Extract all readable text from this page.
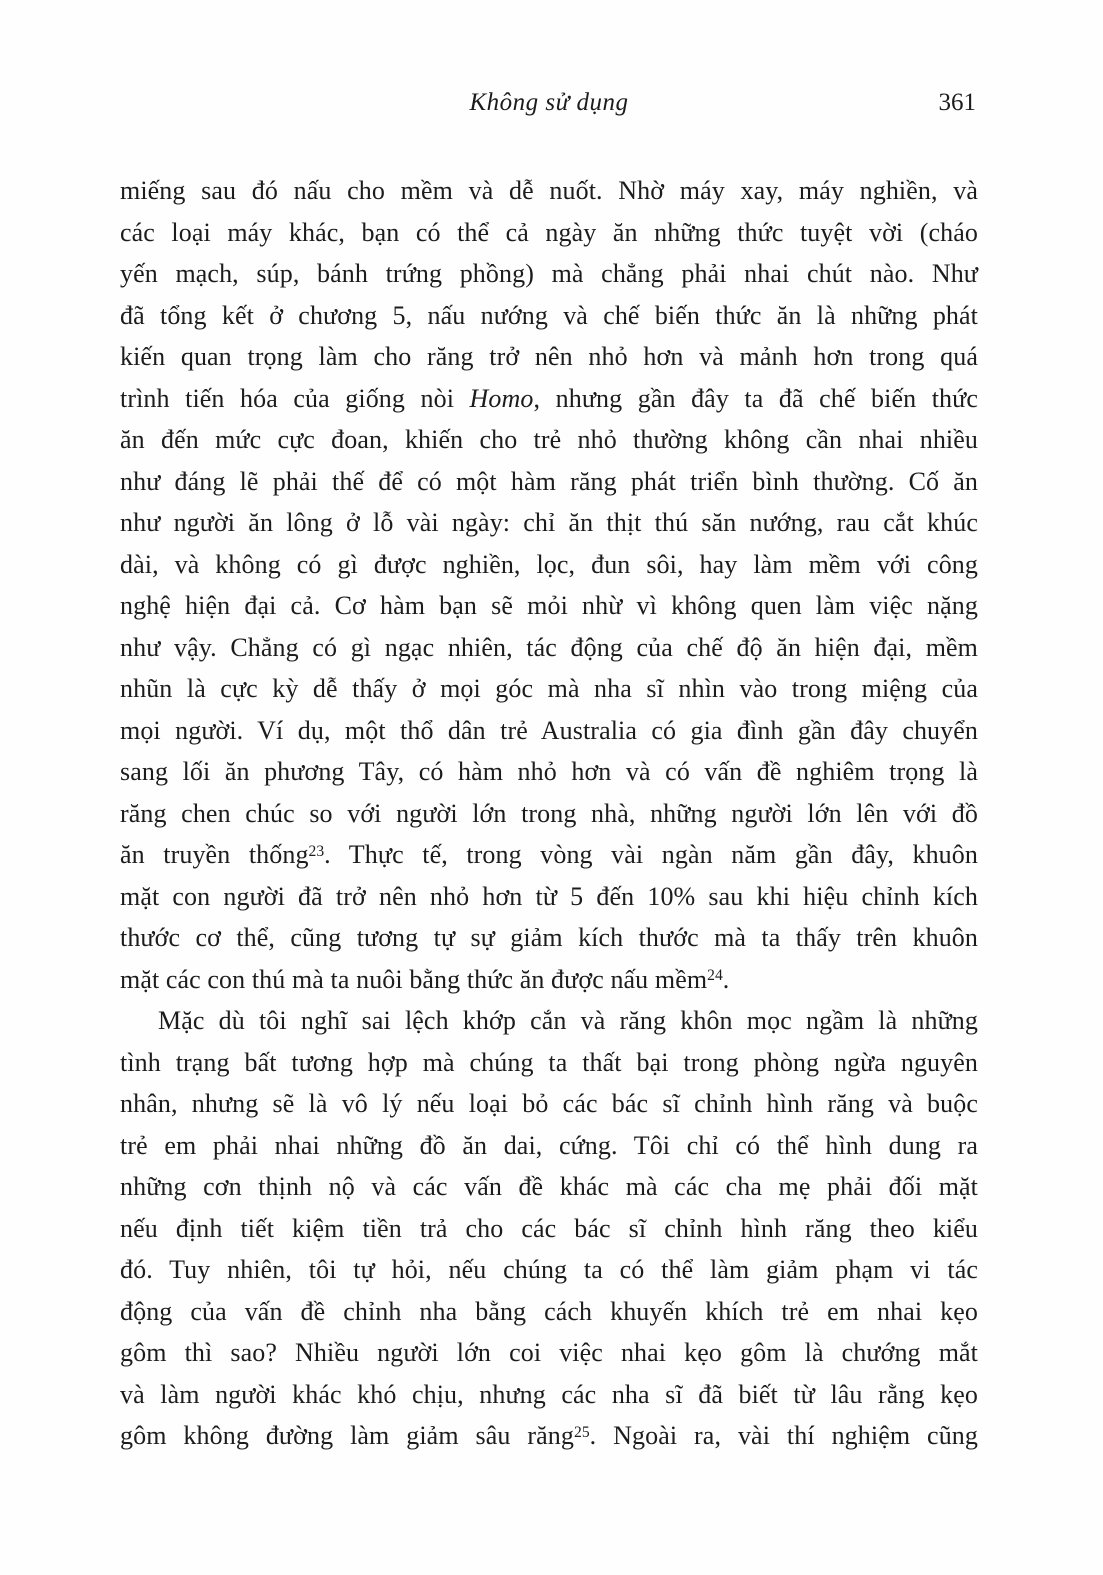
Không sử dụng	361
miếng sau đó nấu cho mềm và dễ nuốt. Nhờ máy xay, máy nghiền, và
các loại máy khác, bạn có thể cả ngày ăn những thức tuyệt vời (cháo
yến mạch, súp, bánh trứng phồng) mà chẳng phải nhai chút nào. Như
đã tổng kết ở chương 5, nấu nướng và chế biến thức ăn là những phát
kiến quan trọng làm cho răng trở nên nhỏ hơn và mảnh hơn trong quá
trình tiến hóa của giống nòi Homo, nhưng gần đây ta đã chế biến thức
ăn đến mức cực đoan, khiến cho trẻ nhỏ thường không cần nhai nhiều
như đáng lẽ phải thế để có một hàm răng phát triển bình thường. Cố ăn
như người ăn lông ở lỗ vài ngày: chỉ ăn thịt thú săn nướng, rau cắt khúc
dài, và không có gì được nghiền, lọc, đun sôi, hay làm mềm với công
nghệ hiện đại cả. Cơ hàm bạn sẽ mỏi nhừ vì không quen làm việc nặng
như vậy. Chẳng có gì ngạc nhiên, tác động của chế độ ăn hiện đại, mềm
nhũn là cực kỳ dễ thấy ở mọi góc mà nha sĩ nhìn vào trong miệng của
mọi người. Ví dụ, một thổ dân trẻ Australia có gia đình gần đây chuyển
sang lối ăn phương Tây, có hàm nhỏ hơn và có vấn đề nghiêm trọng là
răng chen chúc so với người lớn trong nhà, những người lớn lên với đồ
ăn truyền thống$^{23}$. Thực tế, trong vòng vài ngàn năm gần đây, khuôn
mặt con người đã trở nên nhỏ hơn từ 5 đến 10% sau khi hiệu chỉnh kích
thước cơ thể, cũng tương tự sự giảm kích thước mà ta thấy trên khuôn
mặt các con thú mà ta nuôi bằng thức ăn được nấu mềm$^{24}$.
Mặc dù tôi nghĩ sai lệch khớp cắn và răng khôn mọc ngầm là những
tình trạng bất tương hợp mà chúng ta thất bại trong phòng ngừa nguyên
nhân, nhưng sẽ là vô lý nếu loại bỏ các bác sĩ chỉnh hình răng và buộc
trẻ em phải nhai những đồ ăn dai, cứng. Tôi chỉ có thể hình dung ra
những cơn thịnh nộ và các vấn đề khác mà các cha mẹ phải đối mặt
nếu định tiết kiệm tiền trả cho các bác sĩ chỉnh hình răng theo kiểu
đó. Tuy nhiên, tôi tự hỏi, nếu chúng ta có thể làm giảm phạm vi tác
động của vấn đề chỉnh nha bằng cách khuyến khích trẻ em nhai kẹo
gôm thì sao? Nhiều người lớn coi việc nhai kẹo gôm là chướng mắt
và làm người khác khó chịu, nhưng các nha sĩ đã biết từ lâu rằng kẹo
gôm không đường làm giảm sâu răng$^{25}$. Ngoài ra, vài thí nghiệm cũng
